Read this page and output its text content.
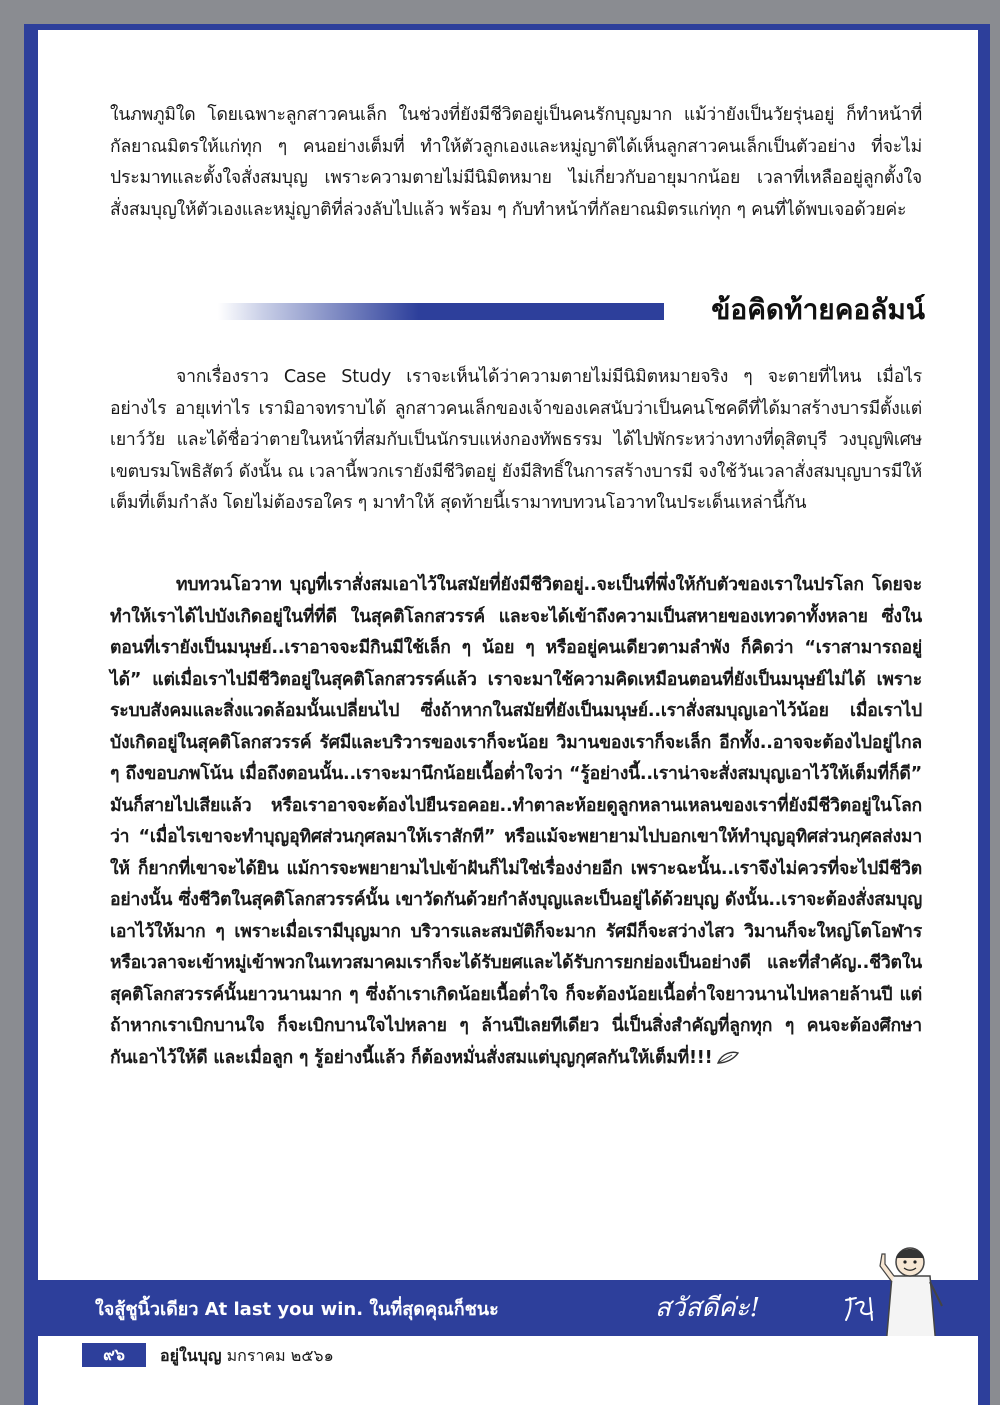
ในภพภูมิใด โดยเฉพาะลูกสาวคนเล็ก ในช่วงที่ยังมีชีวิตอยู่เป็นคนรักบุญมาก แม้ว่ายังเป็นวัยรุ่นอยู่ ก็ทำหน้าที่กัลยาณมิตรให้แก่ทุก ๆ คนอย่างเต็มที่ ทำให้ตัวลูกเองและหมู่ญาติได้เห็นลูกสาวคนเล็กเป็นตัวอย่าง ที่จะไม่ประมาทและตั้งใจสั่งสมบุญ เพราะความตายไม่มีนิมิตหมาย ไม่เกี่ยวกับอายุมากน้อย เวลาที่เหลืออยู่ลูกตั้งใจสั่งสมบุญให้ตัวเองและหมู่ญาติที่ล่วงลับไปแล้ว พร้อม ๆ กับทำหน้าที่กัลยาณมิตรแก่ทุก ๆ คนที่ได้พบเจอด้วยค่ะ

ข้อคิดท้ายคอลัมน์

จากเรื่องราว Case Study เราจะเห็นได้ว่าความตายไม่มีนิมิตหมายจริง ๆ จะตายที่ไหน เมื่อไร อย่างไร อายุเท่าไร เรามิอาจทราบได้ ลูกสาวคนเล็กของเจ้าของเคสนับว่าเป็นคนโชคดีที่ได้มาสร้างบารมีตั้งแต่เยาว์วัย และได้ชื่อว่าตายในหน้าที่สมกับเป็นนักรบแห่งกองทัพธรรม ได้ไปพักระหว่างทางที่ดุสิตบุรี วงบุญพิเศษ เขตบรมโพธิสัตว์ ดังนั้น ณ เวลานี้พวกเรายังมีชีวิตอยู่ ยังมีสิทธิ์ในการสร้างบารมี จงใช้วันเวลาสั่งสมบุญบารมีให้เต็มที่เต็มกำลัง โดยไม่ต้องรอใคร ๆ มาทำให้ สุดท้ายนี้เรามาทบทวนโอวาทในประเด็นเหล่านี้กัน

ทบทวนโอวาท บุญที่เราสั่งสมเอาไว้ในสมัยที่ยังมีชีวิตอยู่..จะเป็นที่พึ่งให้กับตัวของเราในปรโลก โดยจะทำให้เราได้ไปบังเกิดอยู่ในที่ที่ดี ในสุคติโลกสวรรค์ และจะได้เข้าถึงความเป็นสหายของเทวดาทั้งหลาย ซึ่งในตอนที่เรายังเป็นมนุษย์..เราอาจจะมีกินมีใช้เล็ก ๆ น้อย ๆ หรืออยู่คนเดียวตามลำพัง ก็คิดว่า “เราสามารถอยู่ได้” แต่เมื่อเราไปมีชีวิตอยู่ในสุคติโลกสวรรค์แล้ว เราจะมาใช้ความคิดเหมือนตอนที่ยังเป็นมนุษย์ไม่ได้ เพราะระบบสังคมและสิ่งแวดล้อมนั้นเปลี่ยนไป ซึ่งถ้าหากในสมัยที่ยังเป็นมนุษย์..เราสั่งสมบุญเอาไว้น้อย เมื่อเราไปบังเกิดอยู่ในสุคติโลกสวรรค์ รัศมีและบริวารของเราก็จะน้อย วิมานของเราก็จะเล็ก อีกทั้ง..อาจจะต้องไปอยู่ไกล ๆ ถึงขอบภพโน้น เมื่อถึงตอนนั้น..เราจะมานึกน้อยเนื้อต่ำใจว่า “รู้อย่างนี้..เราน่าจะสั่งสมบุญเอาไว้ให้เต็มที่ก็ดี” มันก็สายไปเสียแล้ว หรือเราอาจจะต้องไปยืนรอคอย..ทำตาละห้อยดูลูกหลานเหลนของเราที่ยังมีชีวิตอยู่ในโลกว่า “เมื่อไรเขาจะทำบุญอุทิศส่วนกุศลมาให้เราสักที” หรือแม้จะพยายามไปบอกเขาให้ทำบุญอุทิศส่วนกุศลส่งมาให้ ก็ยากที่เขาจะได้ยิน แม้การจะพยายามไปเข้าฝันก็ไม่ใช่เรื่องง่ายอีก เพราะฉะนั้น..เราจึงไม่ควรที่จะไปมีชีวิตอย่างนั้น ซึ่งชีวิตในสุคติโลกสวรรค์นั้น เขาวัดกันด้วยกำลังบุญและเป็นอยู่ได้ด้วยบุญ ดังนั้น..เราจะต้องสั่งสมบุญเอาไว้ให้มาก ๆ เพราะเมื่อเรามีบุญมาก บริวารและสมบัติก็จะมาก รัศมีก็จะสว่างไสว วิมานก็จะใหญ่โตโอฬาร หรือเวลาจะเข้าหมู่เข้าพวกในเทวสมาคมเราก็จะได้รับยศและได้รับการยกย่องเป็นอย่างดี และที่สำคัญ..ชีวิตในสุคติโลกสวรรค์นั้นยาวนานมาก ๆ ซึ่งถ้าเราเกิดน้อยเนื้อต่ำใจ ก็จะต้องน้อยเนื้อต่ำใจยาวนานไปหลายล้านปี แต่ถ้าหากเราเบิกบานใจ ก็จะเบิกบานใจไปหลาย ๆ ล้านปีเลยทีเดียว นี่เป็นสิ่งสำคัญที่ลูกทุก ๆ คนจะต้องศึกษากันเอาไว้ให้ดี และเมื่อลูก ๆ รู้อย่างนี้แล้ว ก็ต้องหมั่นสั่งสมแต่บุญกุศลกันให้เต็มที่!!!

ใจสู้ชูนิ้วเดียว At last you win. ในที่สุดคุณก็ชนะ	สวัสดีค่ะ!
๙๖	อยู่ในบุญ มกราคม ๒๕๖๑
